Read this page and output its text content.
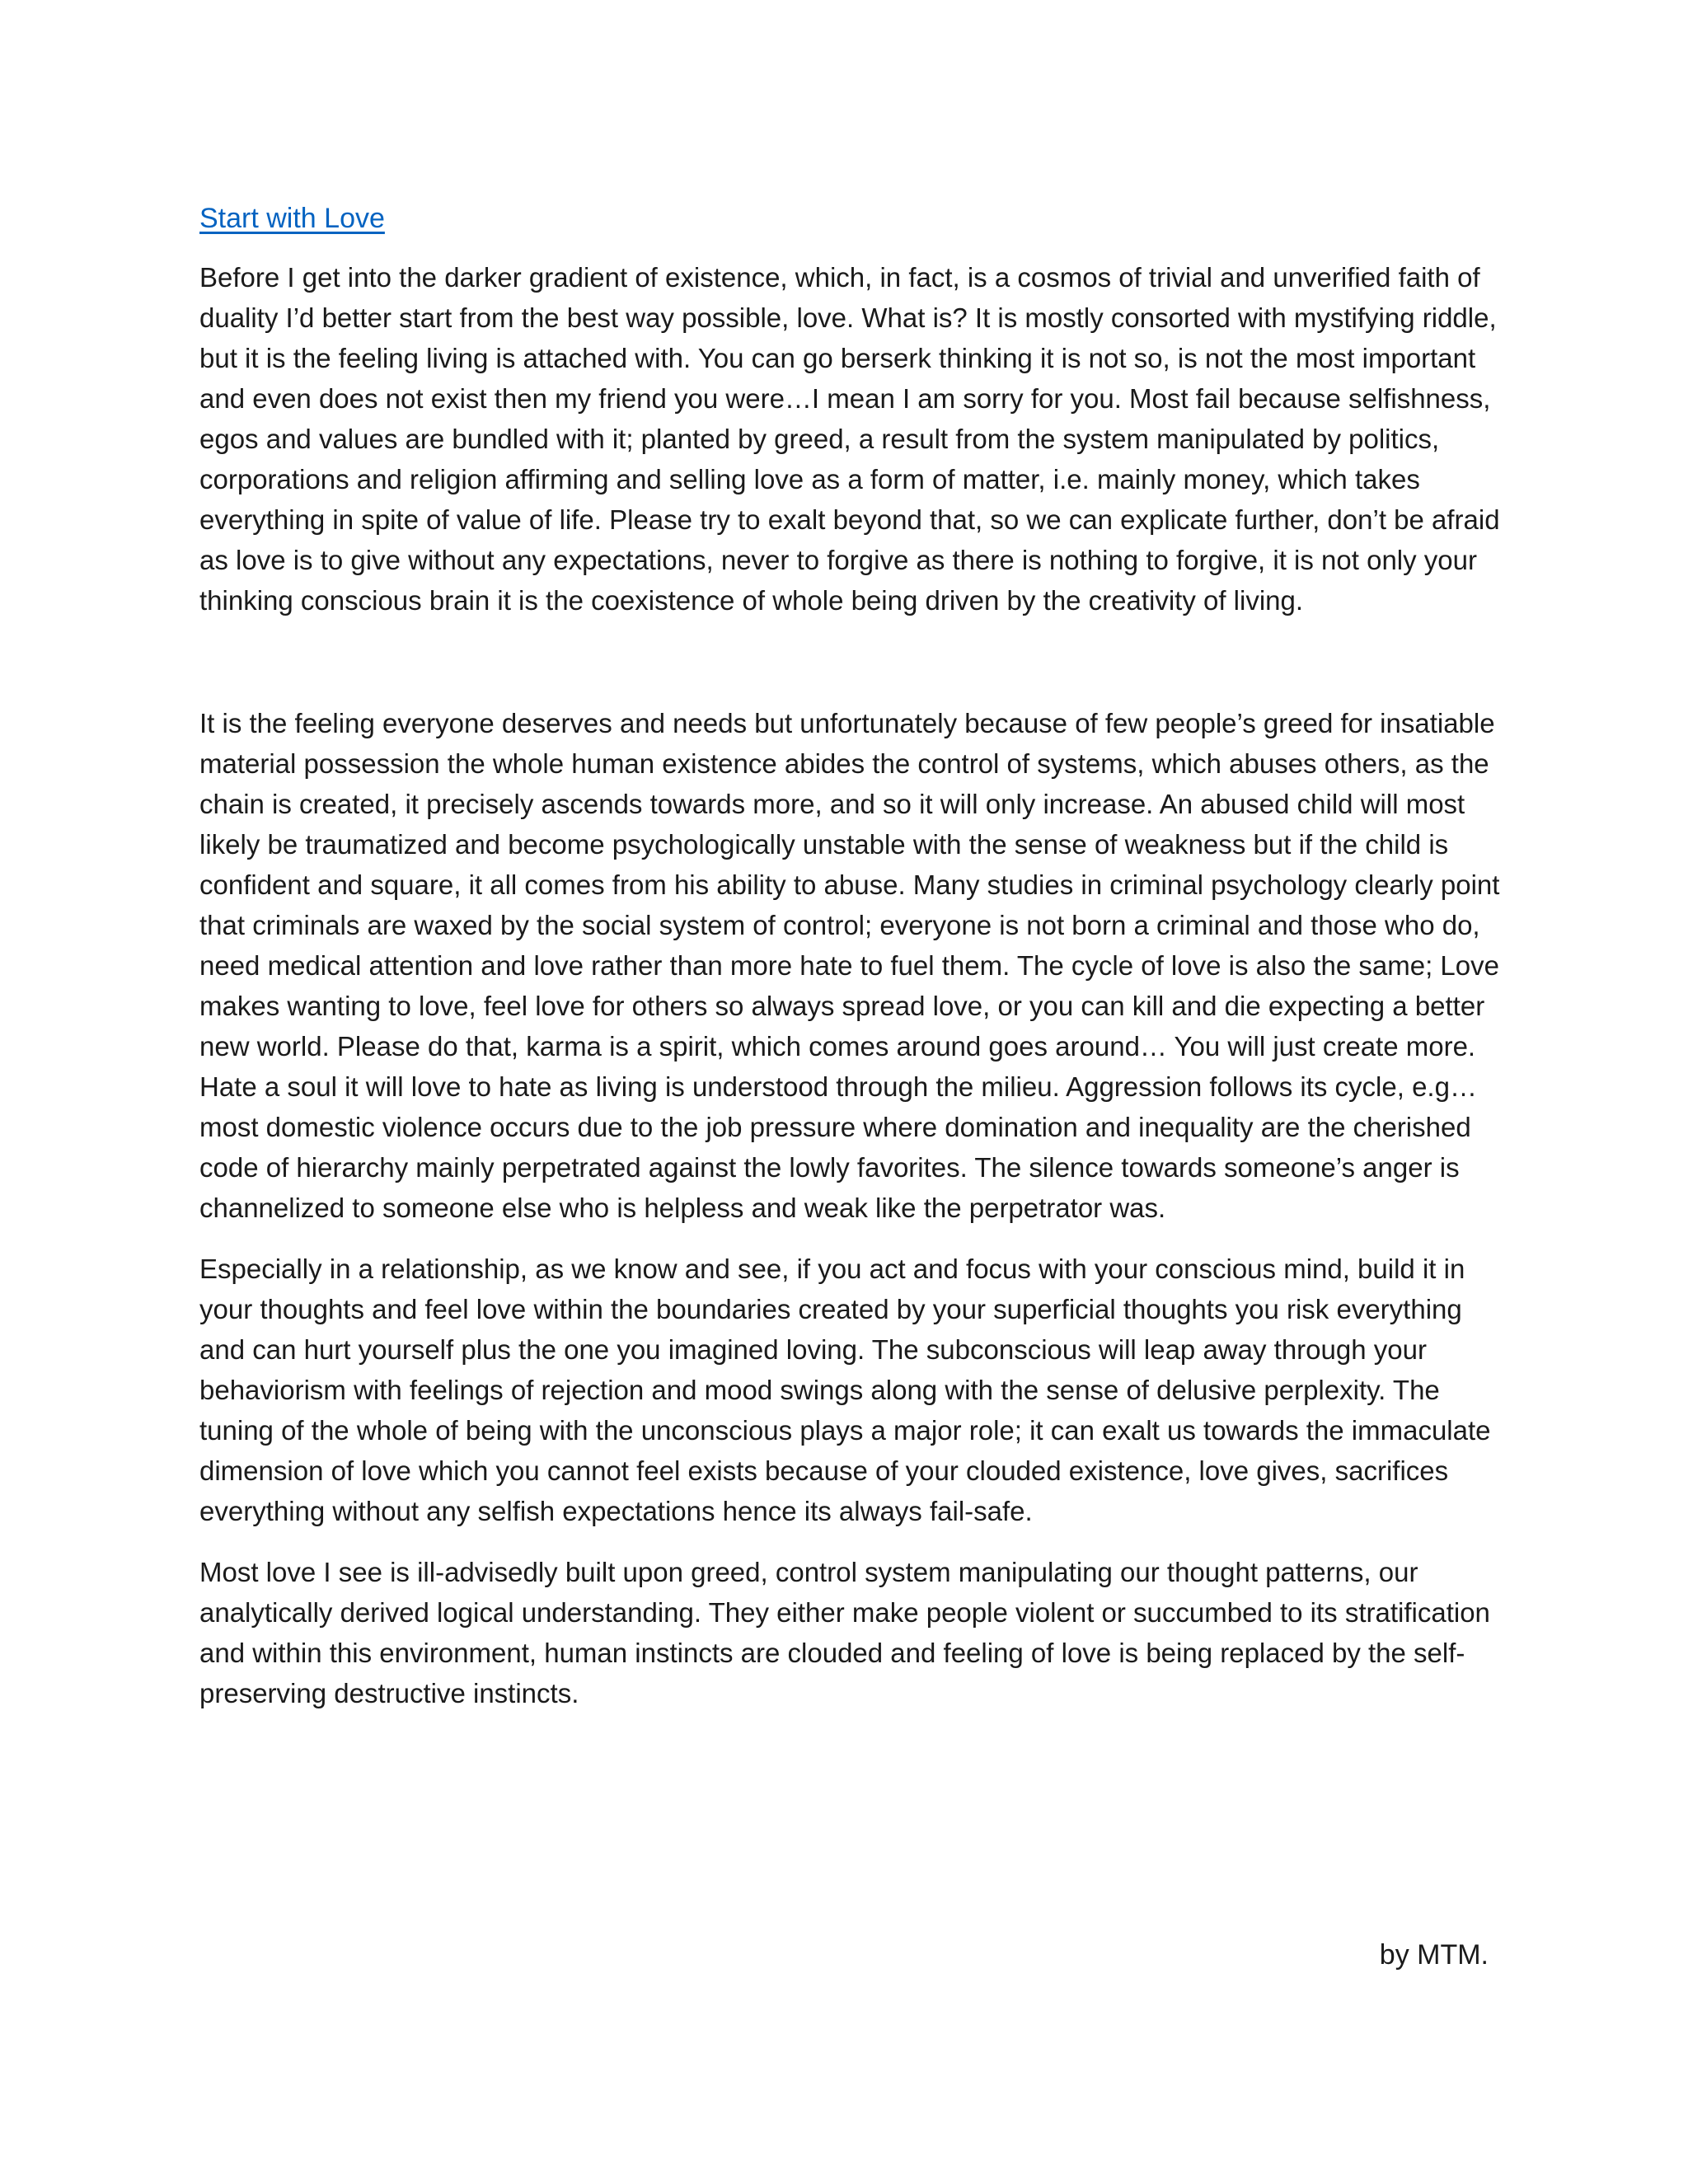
Start with Love

Before I get into the darker gradient of existence, which, in fact, is a cosmos of trivial and unverified faith of duality I’d better start from the best way possible, love. What is? It is mostly consorted with mystifying riddle, but it is the feeling living is attached with. You can go berserk thinking it is not so, is not the most important and even does not exist then my friend you were…I mean I am sorry for you. Most fail because selfishness, egos and values are bundled with it; planted by greed, a result from the system manipulated by politics, corporations and religion affirming and selling love as a form of matter, i.e. mainly money, which takes everything in spite of value of life. Please try to exalt beyond that, so we can explicate further, don’t be afraid as love is to give without any expectations, never to forgive as there is nothing to forgive, it is not only your thinking conscious brain it is the coexistence of whole being driven by the creativity of living.

It is the feeling everyone deserves and needs but unfortunately because of few people’s greed for insatiable material possession the whole human existence abides the control of systems, which abuses others, as the chain is created, it precisely ascends towards more, and so it will only increase. An abused child will most likely be traumatized and become psychologically unstable with the sense of weakness but if the child is confident and square, it all comes from his ability to abuse. Many studies in criminal psychology clearly point that criminals are waxed by the social system of control; everyone is not born a criminal and those who do, need medical attention and love rather than more hate to fuel them. The cycle of love is also the same; Love makes wanting to love, feel love for others so always spread love, or you can kill and die expecting a better new world. Please do that, karma is a spirit, which comes around goes around… You will just create more. Hate a soul it will love to hate as living is understood through the milieu. Aggression follows its cycle, e.g… most domestic violence occurs due to the job pressure where domination and inequality are the cherished code of hierarchy mainly perpetrated against the lowly favorites. The silence towards someone’s anger is channelized to someone else who is helpless and weak like the perpetrator was.

Especially in a relationship, as we know and see, if you act and focus with your conscious mind, build it in your thoughts and feel love within the boundaries created by your superficial thoughts you risk everything and can hurt yourself plus the one you imagined loving. The subconscious will leap away through your behaviorism with feelings of rejection and mood swings along with the sense of delusive perplexity. The tuning of the whole of being with the unconscious plays a major role; it can exalt us towards the immaculate dimension of love which you cannot feel exists because of your clouded existence, love gives, sacrifices everything without any selfish expectations hence its always fail-safe.

Most love I see is ill-advisedly built upon greed, control system manipulating our thought patterns, our analytically derived logical understanding. They either make people violent or succumbed to its stratification and within this environment, human instincts are clouded and feeling of love is being replaced by the self-preserving destructive instincts.

by MTM.
